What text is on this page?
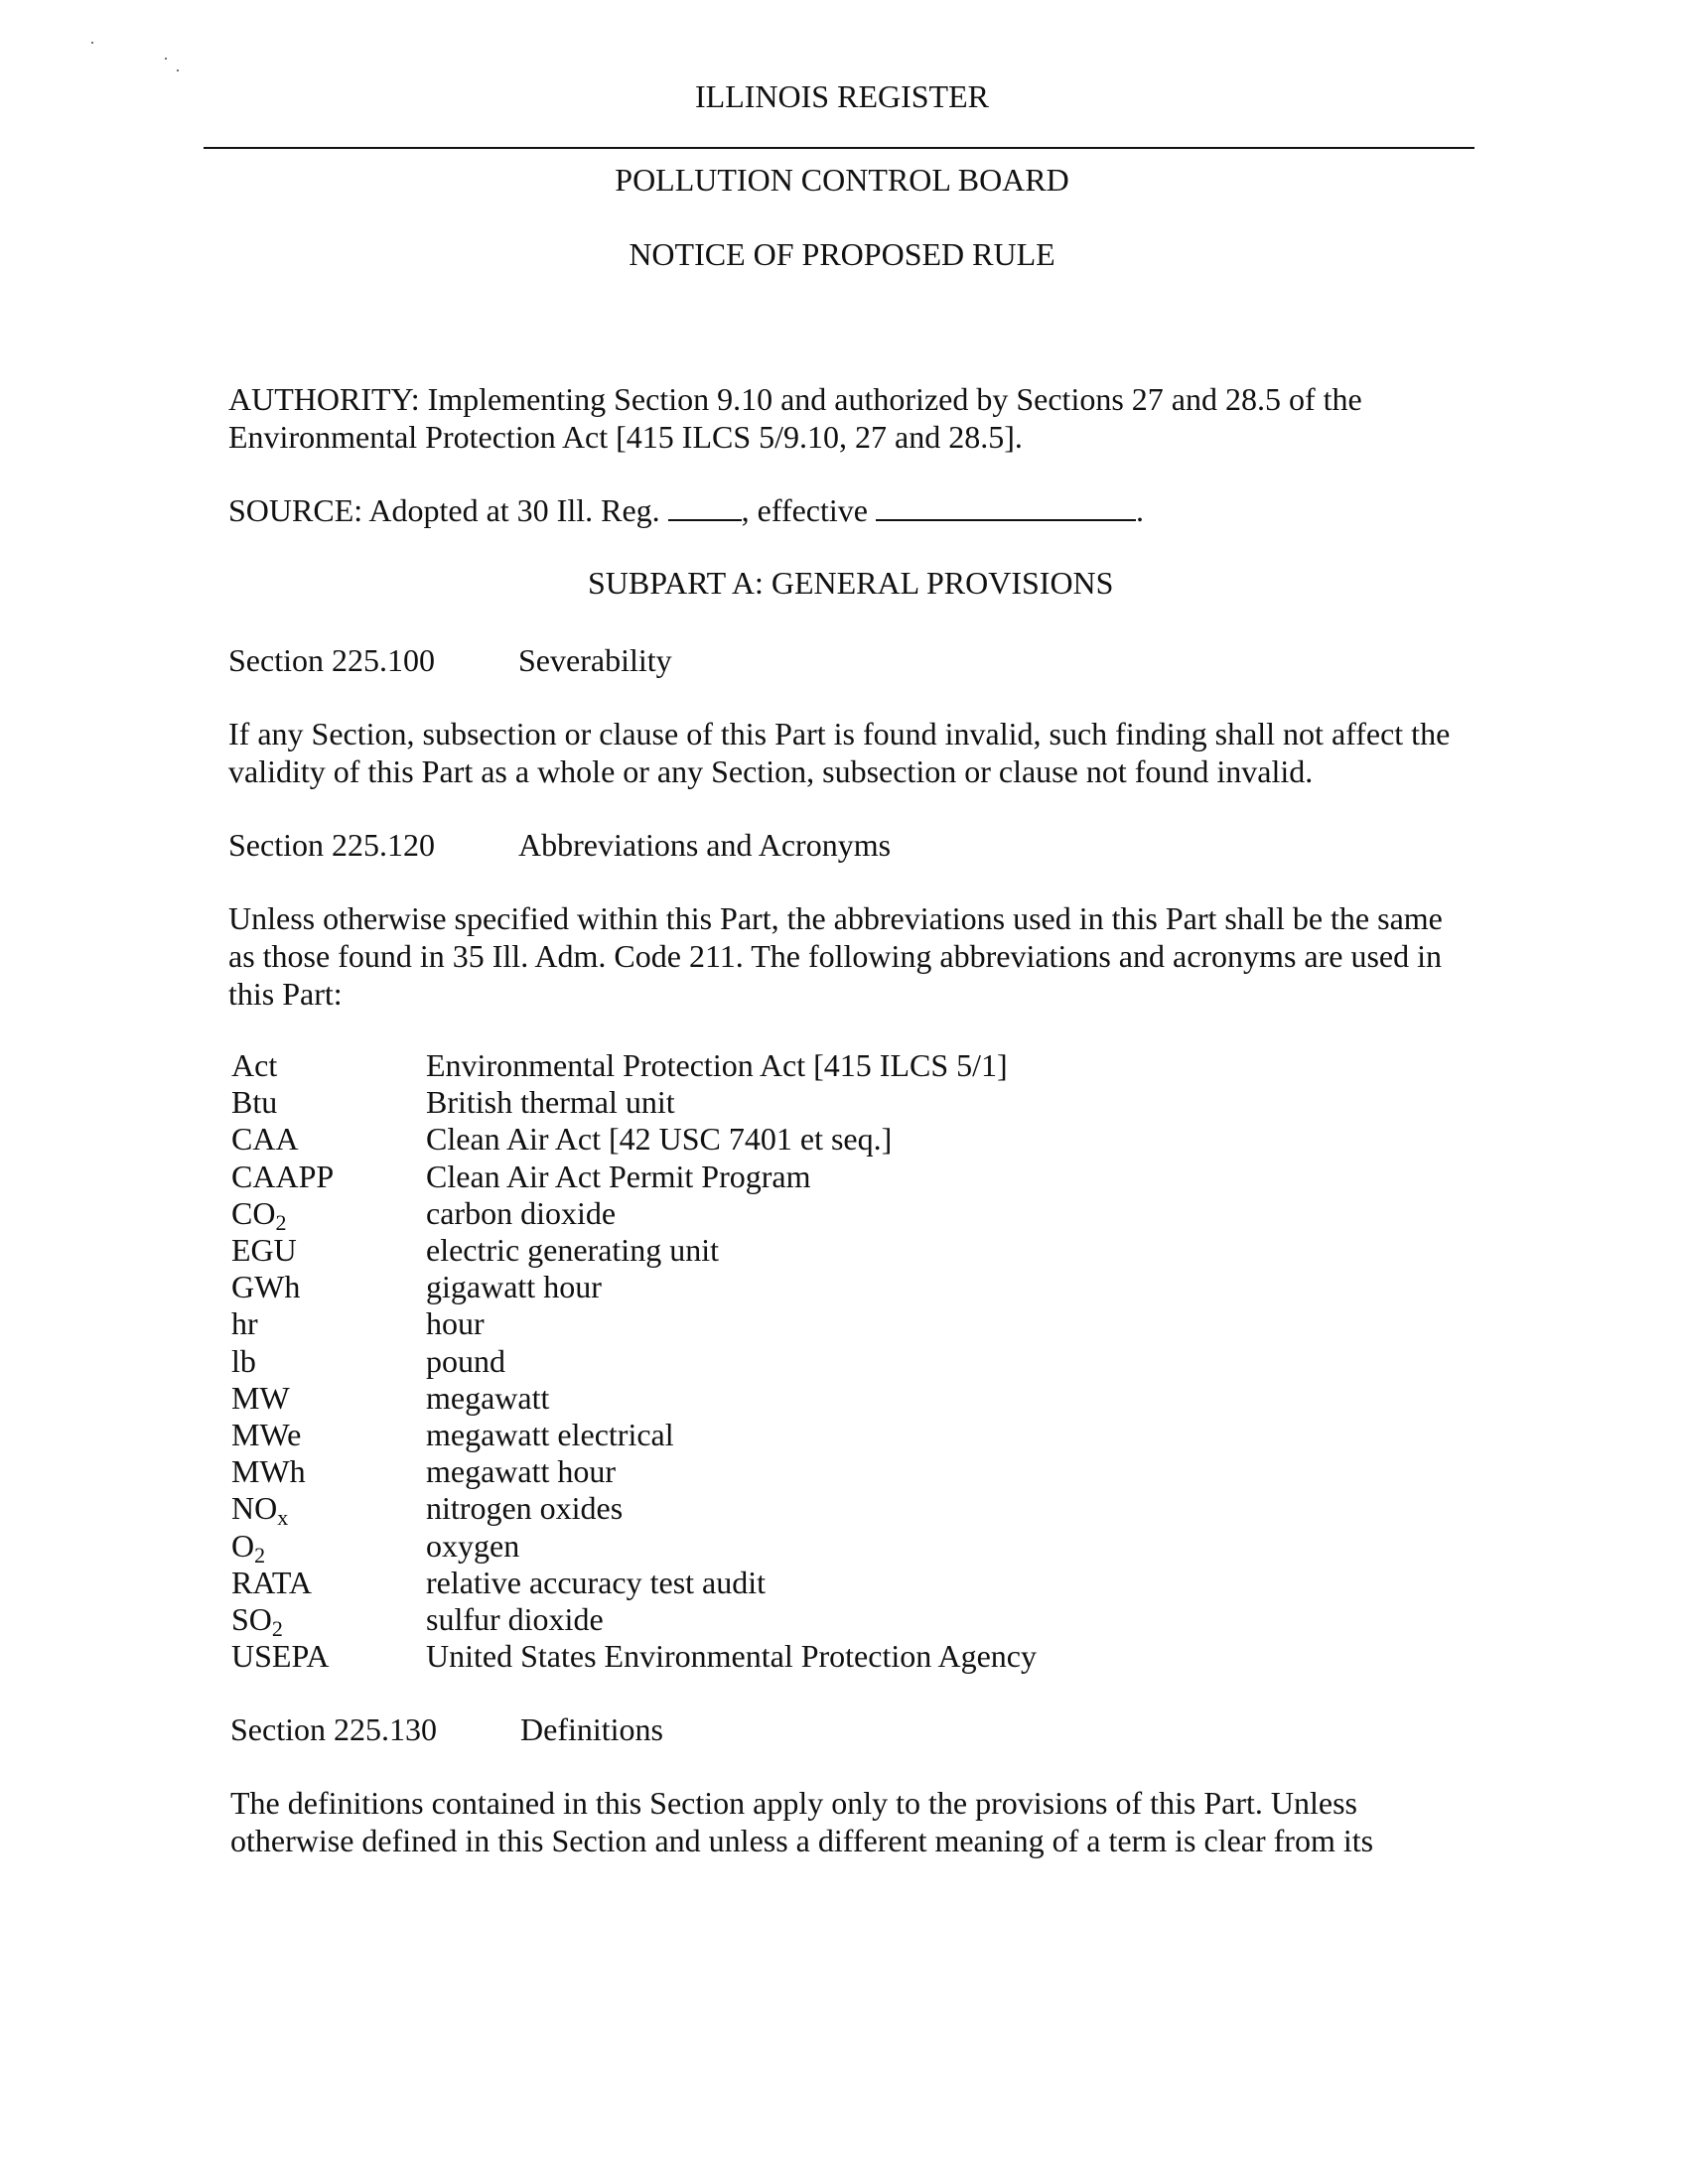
ILLINOIS REGISTER
POLLUTION CONTROL BOARD
NOTICE OF PROPOSED RULE
AUTHORITY: Implementing Section 9.10 and authorized by Sections 27 and 28.5 of the
Environmental Protection Act [415 ILCS 5/9.10, 27 and 28.5].
SOURCE: Adopted at 30 Ill. Reg.	, effective	.
SUBPART A: GENERAL PROVISIONS
Section 225.100	Severability
If any Section, subsection or clause of this Part is found invalid, such finding shall not affect the
validity of this Part as a whole or any Section, subsection or clause not found invalid.
Section 225.120	Abbreviations and Acronyms
Unless otherwise specified within this Part, the abbreviations used in this Part shall be the same
as those found in 35 Ill. Adm. Code 211. The following abbreviations and acronyms are used in
this Part:
Act	Environmental Protection Act [415 ILCS 5/1]
Btu	British thermal unit
CAA	Clean Air Act [42 USC 7401 et seq.]
CAAPP	Clean Air Act Permit Program
$CO_2$	carbon dioxide
EGU	electric generating unit
GWh	gigawatt hour
hr	hour
lb	pound
MW	megawatt
MWe	megawatt electrical
MWh	megawatt hour
$NO_x$	nitrogen oxides
$O_2$	oxygen
RATA	relative accuracy test audit
$SO_2$	sulfur dioxide
USEPA	United States Environmental Protection Agency
Section 225.130	Definitions
The definitions contained in this Section apply only to the provisions of this Part. Unless
otherwise defined in this Section and unless a different meaning of a term is clear from its
